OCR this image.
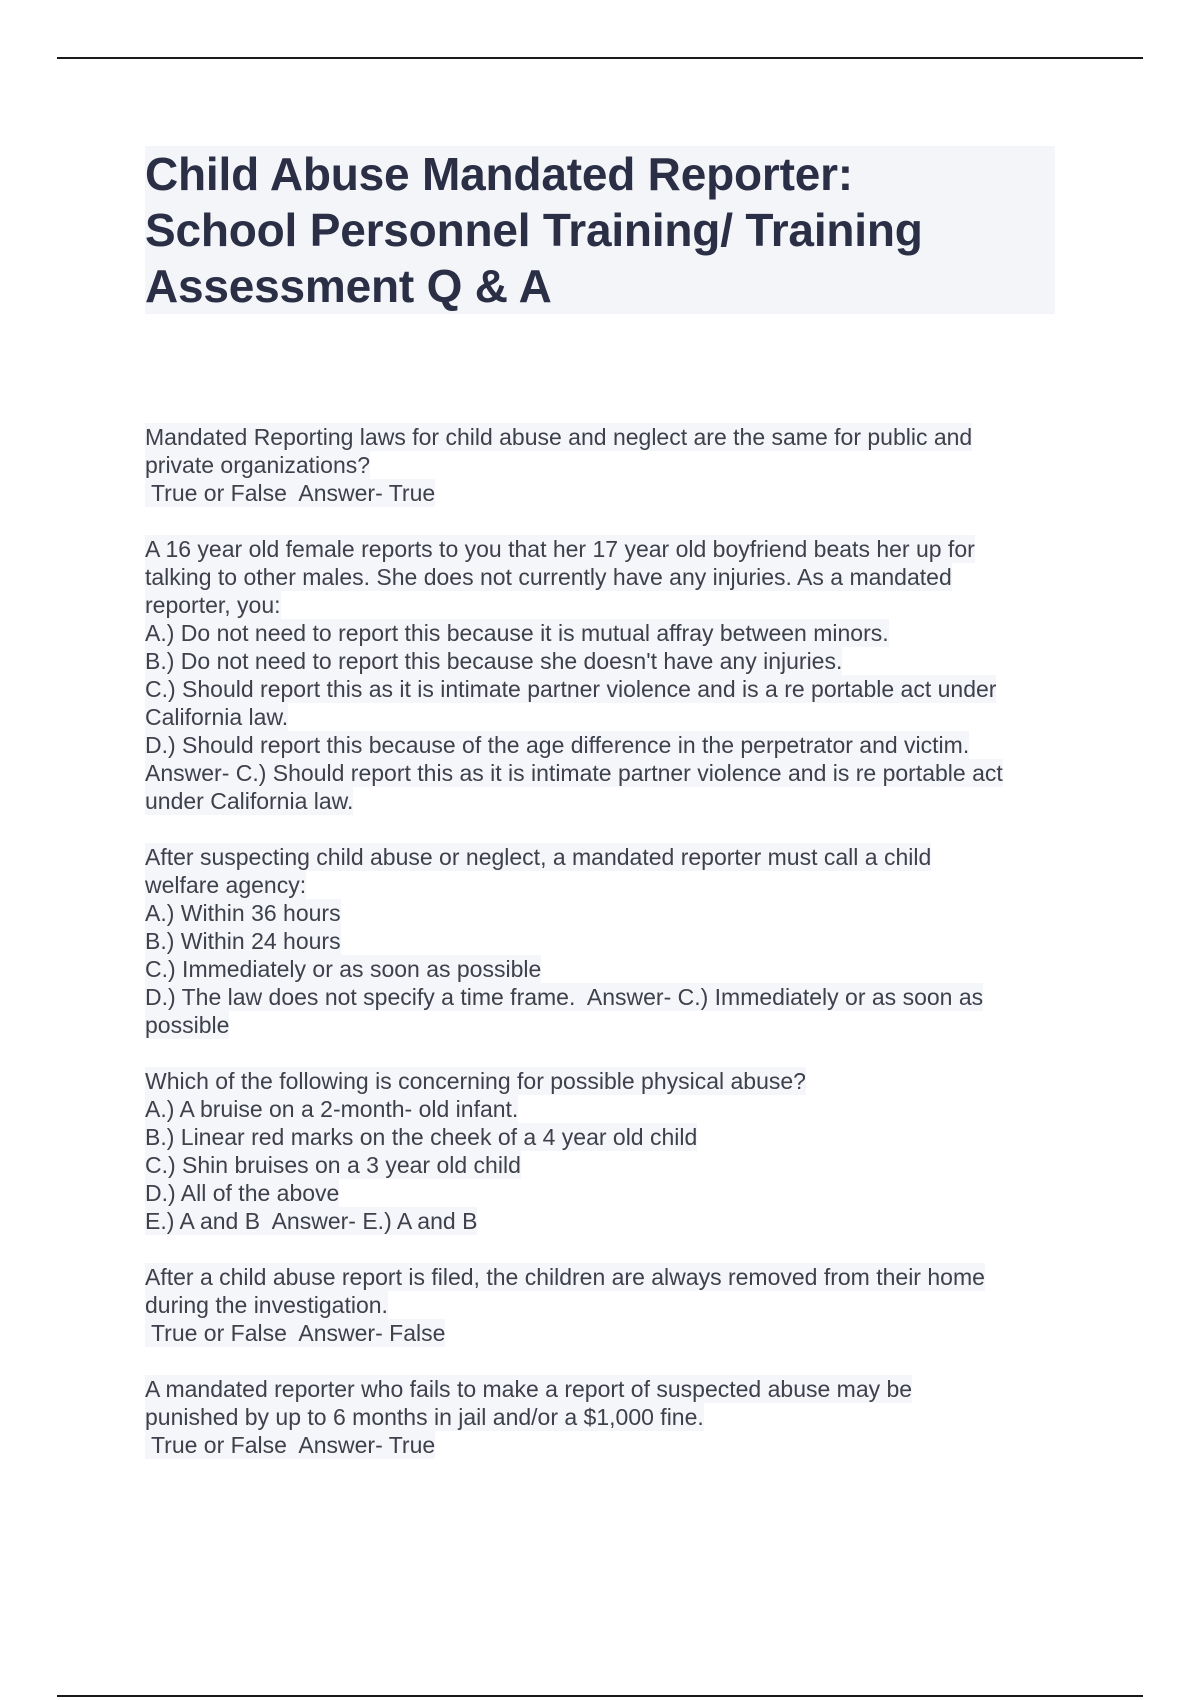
Child Abuse Mandated Reporter:
School Personnel Training/ Training
Assessment Q & A
Mandated Reporting laws for child abuse and neglect are the same for public and
private organizations?
True or False  Answer- True
A 16 year old female reports to you that her 17 year old boyfriend beats her up for
talking to other males. She does not currently have any injuries. As a mandated
reporter, you:
A.) Do not need to report this because it is mutual affray between minors.
B.) Do not need to report this because she doesn't have any injuries.
C.) Should report this as it is intimate partner violence and is a re portable act under
California law.
D.) Should report this because of the age difference in the perpetrator and victim.
Answer- C.) Should report this as it is intimate partner violence and is re portable act
under California law.
After suspecting child abuse or neglect, a mandated reporter must call a child
welfare agency:
A.) Within 36 hours
B.) Within 24 hours
C.) Immediately or as soon as possible
D.) The law does not specify a time frame.  Answer- C.) Immediately or as soon as
possible
Which of the following is concerning for possible physical abuse?
A.) A bruise on a 2-month- old infant.
B.) Linear red marks on the cheek of a 4 year old child
C.) Shin bruises on a 3 year old child
D.) All of the above
E.) A and B  Answer- E.) A and B
After a child abuse report is filed, the children are always removed from their home
during the investigation.
True or False  Answer- False
A mandated reporter who fails to make a report of suspected abuse may be
punished by up to 6 months in jail and/or a $1,000 fine.
True or False  Answer- True
